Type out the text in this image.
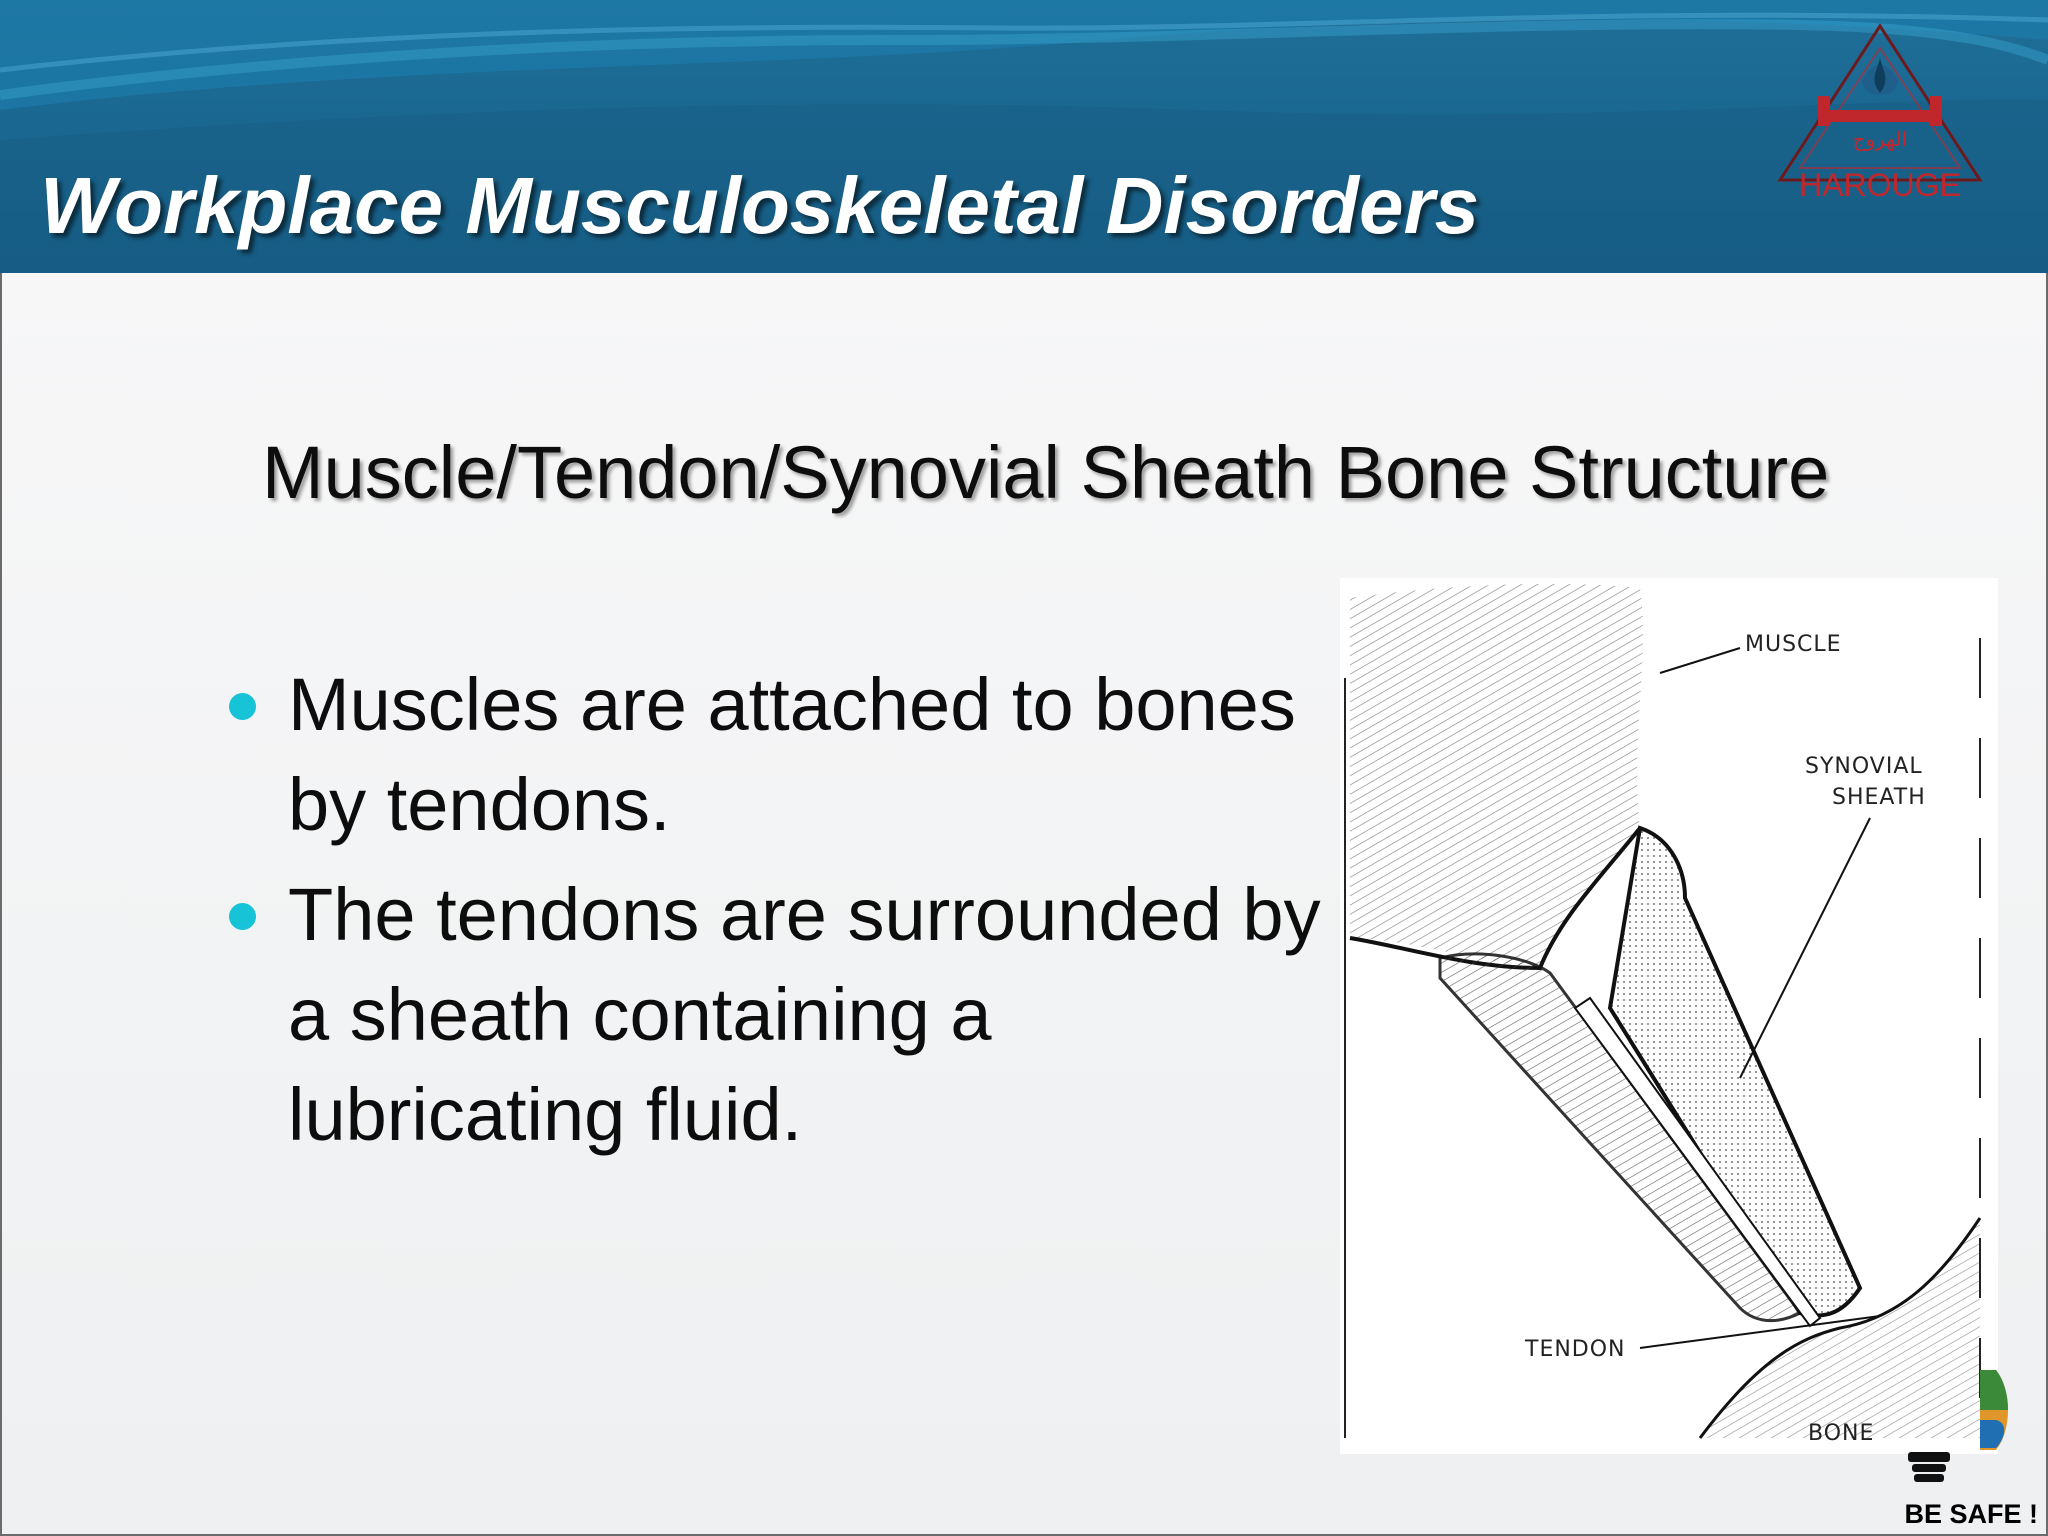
Workplace Musculoskeletal Disorders
الهروج
HAROUGE
Muscle/Tendon/Synovial Sheath Bone Structure
Muscles are attached to bones by tendons.
The tendons are surrounded by a sheath containing a lubricating fluid.
MUSCLE
SYNOVIAL
SHEATH
TENDON
BONE
BE SAFE !
